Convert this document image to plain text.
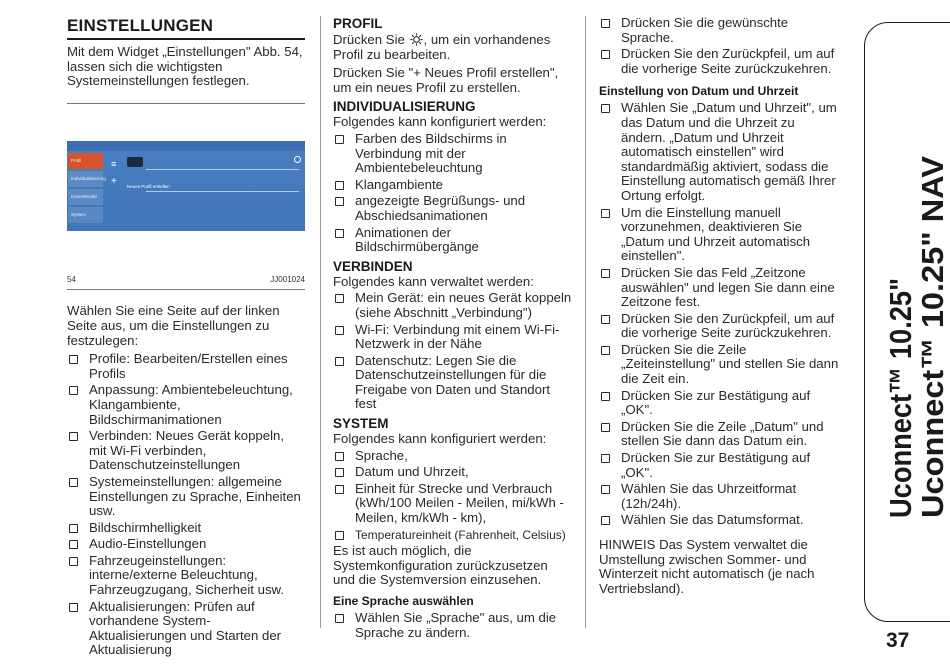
EINSTELLUNGEN

Mit dem Widget „Einstellungen" Abb. 54, lassen sich die wichtigsten Systemeinstellungen festlegen.

Profil
Individualisierung
Konnektivität
System
≡
+ Neues Profil erstellen
54	JJ001024

Wählen Sie eine Seite auf der linken Seite aus, um die Einstellungen zu festzulegen:

Profile: Bearbeiten/Erstellen eines Profils
Anpassung: Ambientebeleuchtung, Klangambiente, Bildschirmanimationen
Verbinden: Neues Gerät koppeln, mit Wi-Fi verbinden, Datenschutzeinstellungen
Systemeinstellungen: allgemeine Einstellungen zu Sprache, Einheiten usw.
Bildschirmhelligkeit
Audio-Einstellungen
Fahrzeugeinstellungen: interne/externe Beleuchtung, Fahrzeugzugang, Sicherheit usw.
Aktualisierungen: Prüfen auf vorhandene System-Aktualisierungen und Starten der Aktualisierung
PROFIL

Drücken Sie , um ein vorhandenes Profil zu bearbeiten.

Drücken Sie "+ Neues Profil erstellen", um ein neues Profil zu erstellen.

INDIVIDUALISIERUNG

Folgendes kann konfiguriert werden:

Farben des Bildschirms in Verbindung mit der Ambientebeleuchtung
Klangambiente
angezeigte Begrüßungs- und Abschiedsanimationen
Animationen der Bildschirmübergänge
VERBINDEN

Folgendes kann verwaltet werden:

Mein Gerät: ein neues Gerät koppeln (siehe Abschnitt „Verbindung")
Wi-Fi: Verbindung mit einem Wi-Fi-Netzwerk in der Nähe
Datenschutz: Legen Sie die Datenschutzeinstellungen für die Freigabe von Daten und Standort fest
SYSTEM

Folgendes kann konfiguriert werden:

Sprache,
Datum und Uhrzeit,
Einheit für Strecke und Verbrauch (kWh/100 Meilen - Meilen, mi/kWh - Meilen, km/kWh - km),
Temperatureinheit (Fahrenheit, Celsius)

Es ist auch möglich, die Systemkonfiguration zurückzusetzen und die Systemversion einzusehen.

Eine Sprache auswählen
Wählen Sie „Sprache" aus, um die Sprache zu ändern.
Drücken Sie die gewünschte Sprache.
Drücken Sie den Zurückpfeil, um auf die vorherige Seite zurückzukehren.
Einstellung von Datum und Uhrzeit
Wählen Sie „Datum und Uhrzeit", um das Datum und die Uhrzeit zu ändern. „Datum und Uhrzeit automatisch einstellen" wird standardmäßig aktiviert, sodass die Einstellung automatisch gemäß Ihrer Ortung erfolgt.
Um die Einstellung manuell vorzunehmen, deaktivieren Sie „Datum und Uhrzeit automatisch einstellen".
Drücken Sie das Feld „Zeitzone auswählen" und legen Sie dann eine Zeitzone fest.
Drücken Sie den Zurückpfeil, um auf die vorherige Seite zurückzukehren.
Drücken Sie die Zeile „Zeiteinstellung" und stellen Sie dann die Zeit ein.
Drücken Sie zur Bestätigung auf „OK".
Drücken Sie die Zeile „Datum" und stellen Sie dann das Datum ein.
Drücken Sie zur Bestätigung auf „OK".
Wählen Sie das Uhrzeitformat (12h/24h).
Wählen Sie das Datumsformat.

HINWEIS Das System verwaltet die Umstellung zwischen Sommer- und Winterzeit nicht automatisch (je nach Vertriebsland).

Uconnect™ 10.25"
Uconnect™ 10.25" NAV
37
